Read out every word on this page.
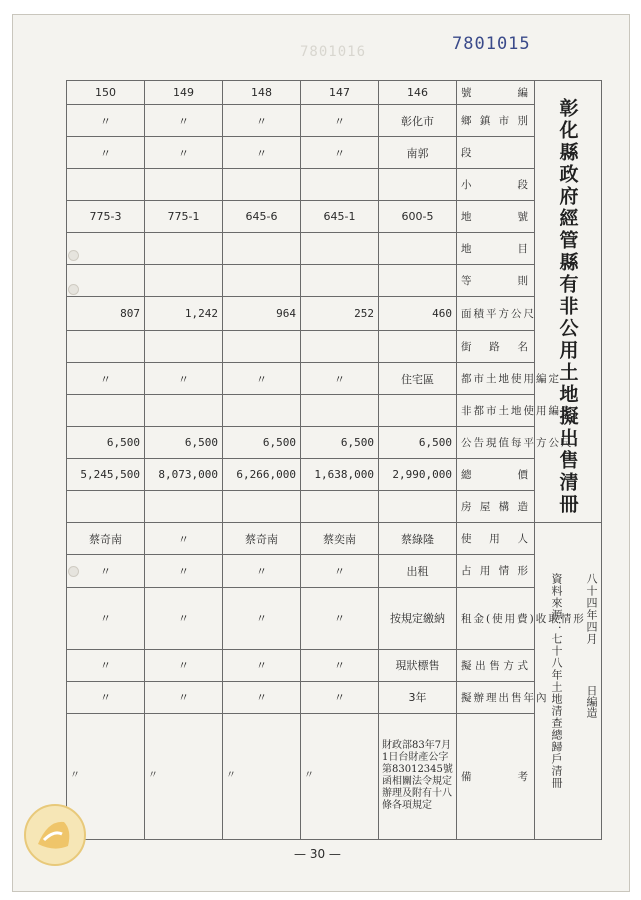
7801016	7801015
150	149	148	147	146	號編	彰化縣政府經管縣有非公用土地擬出售清冊

〃	〃	〃	〃	彰化市	鄉鎮市別	
〃	〃	〃	〃	南郭	段	
					小段	
775-3	775-1	645-6	645-1	600-5	地號	
					地目	
					等則	
807	1,242	964	252	460	面積平方公尺	
					街路名	
〃	〃	〃	〃	住宅區	都市土地使用編定	
					非都市土地使用編定	
6,500	6,500	6,500	6,500	6,500	公告現值每平方公尺	
5,245,500	8,073,000	6,266,000	1,638,000	2,990,000	總價	
					房屋構造	
蔡奇南	〃	蔡奇南	蔡奕南	蔡綠隆	使用人	八十四年四月
日編造
資料來源：七十八年土地清查總歸戶清冊

〃	〃	〃	〃	出租	占用情形	
〃	〃	〃	〃	按規定繳納	租金(使用費)收取情形	
〃	〃	〃	〃	現狀標售	擬出售方式	
〃	〃	〃	〃	3年	擬辦理出售年內	
〃	〃	〃	〃	財政部83年7月1日台財產公字第83012345號函相關法令規定辦理及附有十八條各項規定	備考	
— 30 —
